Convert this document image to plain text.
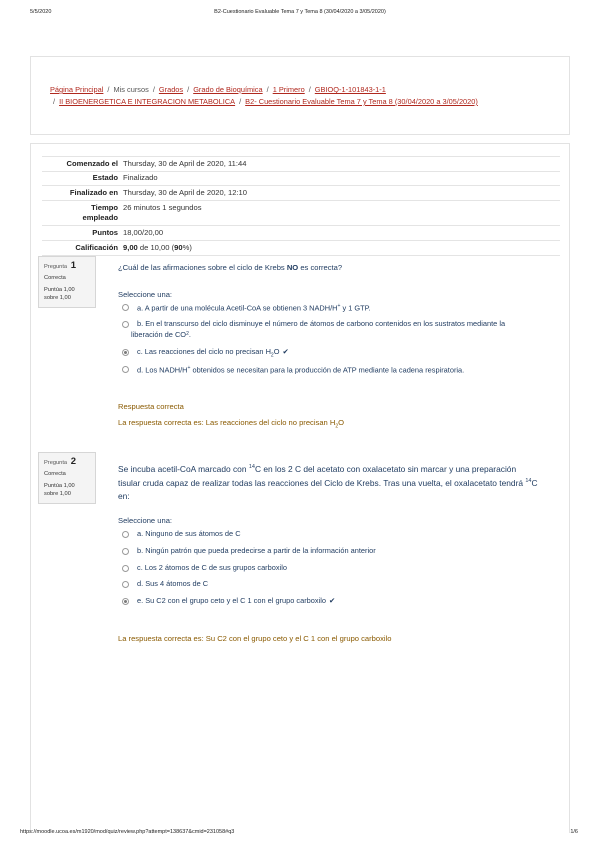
5/5/2020	B2-Cuestionario Evaluable Tema 7 y Tema 8 (30/04/2020 a 3/05/2020)
Página Principal / Mis cursos / Grados / Grado de Bioquímica / 1 Primero / GBIOQ-1-101843-1-1
/ II BIOENERGETICA E INTEGRACION METABOLICA / B2- Cuestionario Evaluable Tema 7 y Tema 8 (30/04/2020 a 3/05/2020)
Comenzado el Thursday, 30 de April de 2020, 11:44
Estado Finalizado
Finalizado en Thursday, 30 de April de 2020, 12:10
Tiempo
empleado
26 minutos 1 segundos
Puntos 18,00/20,00
Calificación 9,00 de 10,00 (90%)
Pregunta 1
Correcta
Puntúa 1,00
sobre 1,00
¿Cuál de las afirmaciones sobre el ciclo de Krebs NO es correcta?
Seleccione una:
a. A partir de una molécula Acetil-CoA se obtienen 3 NADH/H+ y 1 GTP.
b. En el transcurso del ciclo disminuye el número de átomos de carbono contenidos en los sustratos mediante la
liberación de CO 2 .
c. Las reacciones del ciclo no precisan $H_2O$ ✔
d. Los NADH/H+ obtenidos se necesitan para la producción de ATP mediante la cadena respiratoria.
Respuesta correcta
La respuesta correcta es: Las reacciones del ciclo no precisan $H_2O$
Pregunta 2
Correcta
Puntúa 1,00
sobre 1,00
Se incuba acetil-CoA marcado con $^{14}$C en los 2 C del acetato con oxalacetato sin marcar y una preparación
tisular cruda capaz de realizar todas las reacciones del Ciclo de Krebs. Tras una vuelta, el oxalacetato tendrá $^{14}$C
en:
Seleccione una:
a. Ninguno de sus átomos de C
b. Ningún patrón que pueda predecirse a partir de la información anterior
c. Los 2 átomos de C de sus grupos carboxilo
d. Sus 4 átomos de C
e. Su C2 con el grupo ceto y el C 1 con el grupo carboxilo ✔
La respuesta correcta es: Su C2 con el grupo ceto y el C 1 con el grupo carboxilo
https://moodle.ucoa.es/m1920/mod/quiz/review.php?attempt=138637&cmid=231058#q3	1/6
